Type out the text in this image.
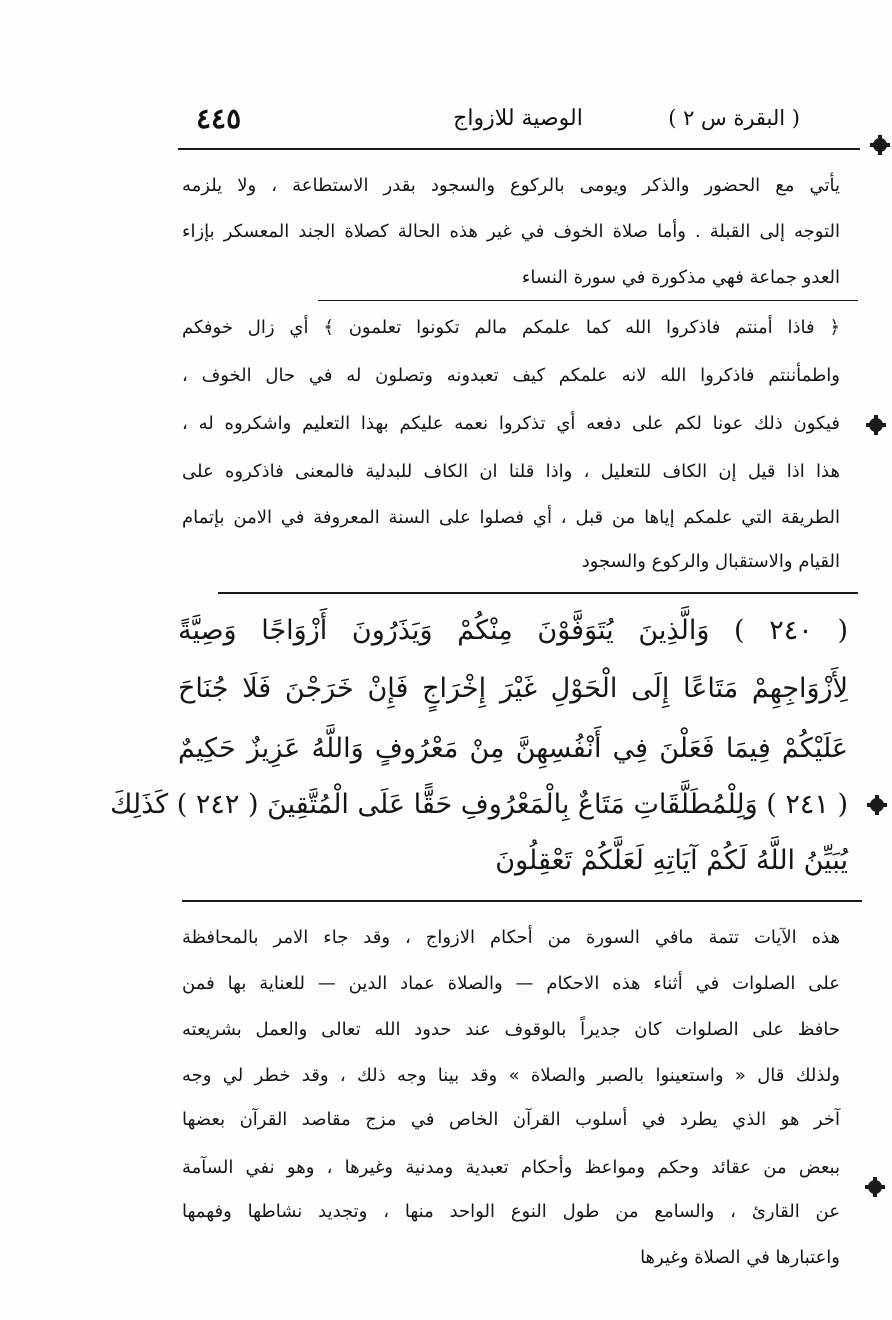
٤٤٥	الوصية للازواج	( البقرة س ٢ )
يأتي مع الحضور والذكر ويومى بالركوع والسجود بقدر الاستطاعة ، ولا يلزمه
التوجه إلى القبلة . وأما صلاة الخوف في غير هذه الحالة كصلاة الجند المعسكر بإزاء
العدو جماعة فهي مذكورة في سورة النساء
﴿ فاذا أمنتم فاذكروا الله كما علمكم مالم تكونوا تعلمون ﴾ أي زال خوفكم
واطمأننتم فاذكروا الله لانه علمكم كيف تعبدونه وتصلون له في حال الخوف ،
فيكون ذلك عونا لكم على دفعه أي تذكروا نعمه عليكم بهذا التعليم واشكروه له ،
هذا اذا قيل إن الكاف للتعليل ، واذا قلنا ان الكاف للبدلية فالمعنى فاذكروه على
الطريقة التي علمكم إياها من قبل ، أي فصلوا على السنة المعروفة في الامن بإتمام
القيام والاستقبال والركوع والسجود
( ٢٤٠ ) وَالَّذِينَ يُتَوَفَّوْنَ مِنْكُمْ وَيَذَرُونَ أَزْوَاجًا وَصِيَّةً
لِأَزْوَاجِهِمْ مَتَاعًا إِلَى الْحَوْلِ غَيْرَ إِخْرَاجٍ فَإِنْ خَرَجْنَ فَلَا جُنَاحَ
عَلَيْكُمْ فِيمَا فَعَلْنَ فِي أَنْفُسِهِنَّ مِنْ مَعْرُوفٍ وَاللَّهُ عَزِيزٌ حَكِيمٌ
( ٢٤١ ) وَلِلْمُطَلَّقَاتِ مَتَاعٌ بِالْمَعْرُوفِ حَقًّا عَلَى الْمُتَّقِينَ ( ٢٤٢ ) كَذَلِكَ
يُبَيِّنُ اللَّهُ لَكُمْ آيَاتِهِ لَعَلَّكُمْ تَعْقِلُونَ
هذه الآيات تتمة مافي السورة من أحكام الازواج ، وقد جاء الامر بالمحافظة
على الصلوات في أثناء هذه الاحكام — والصلاة عماد الدين — للعناية بها فمن
حافظ على الصلوات كان جديراً بالوقوف عند حدود الله تعالى والعمل بشريعته
ولذلك قال « واستعينوا بالصبر والصلاة » وقد بينا وجه ذلك ، وقد خطر لي وجه
آخر هو الذي يطرد في أسلوب القرآن الخاص في مزج مقاصد القرآن بعضها
ببعض من عقائد وحكم ومواعظ وأحكام تعبدية ومدنية وغيرها ، وهو نفي السآمة
عن القارئ ، والسامع من طول النوع الواحد منها ، وتجديد نشاطها وفهمها
واعتبارها في الصلاة وغيرها
